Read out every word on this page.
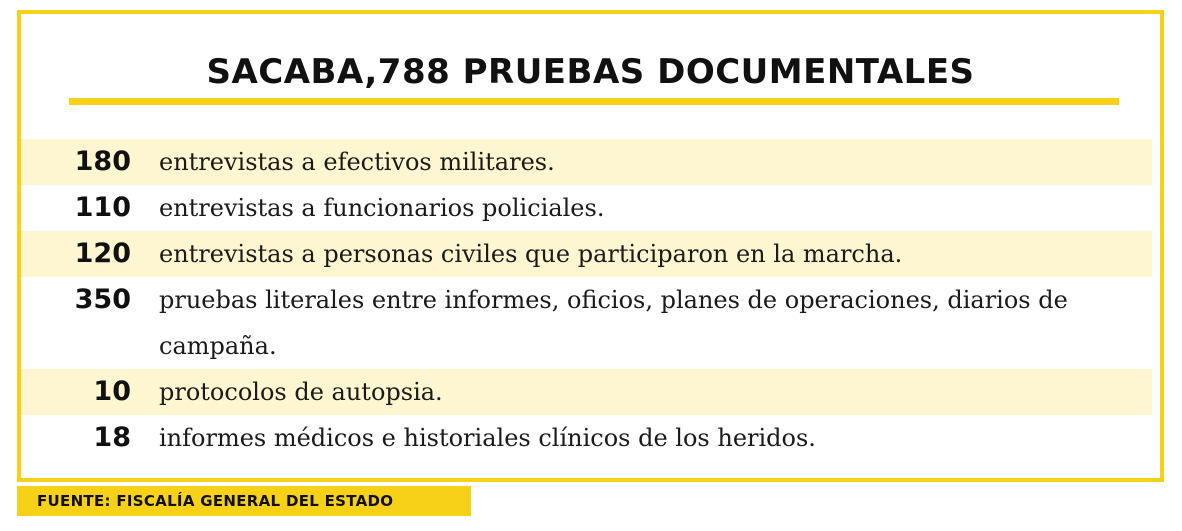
SACABA,788 PRUEBAS DOCUMENTALES
180	entrevistas a efectivos militares.
110	entrevistas a funcionarios policiales.
120	entrevistas a personas civiles que participaron en la marcha.
350	pruebas literales entre informes, oficios, planes de operaciones, diarios de campaña.
10	protocolos de autopsia.
18	informes médicos e historiales clínicos de los heridos.
FUENTE: FISCALÍA GENERAL DEL ESTADO
